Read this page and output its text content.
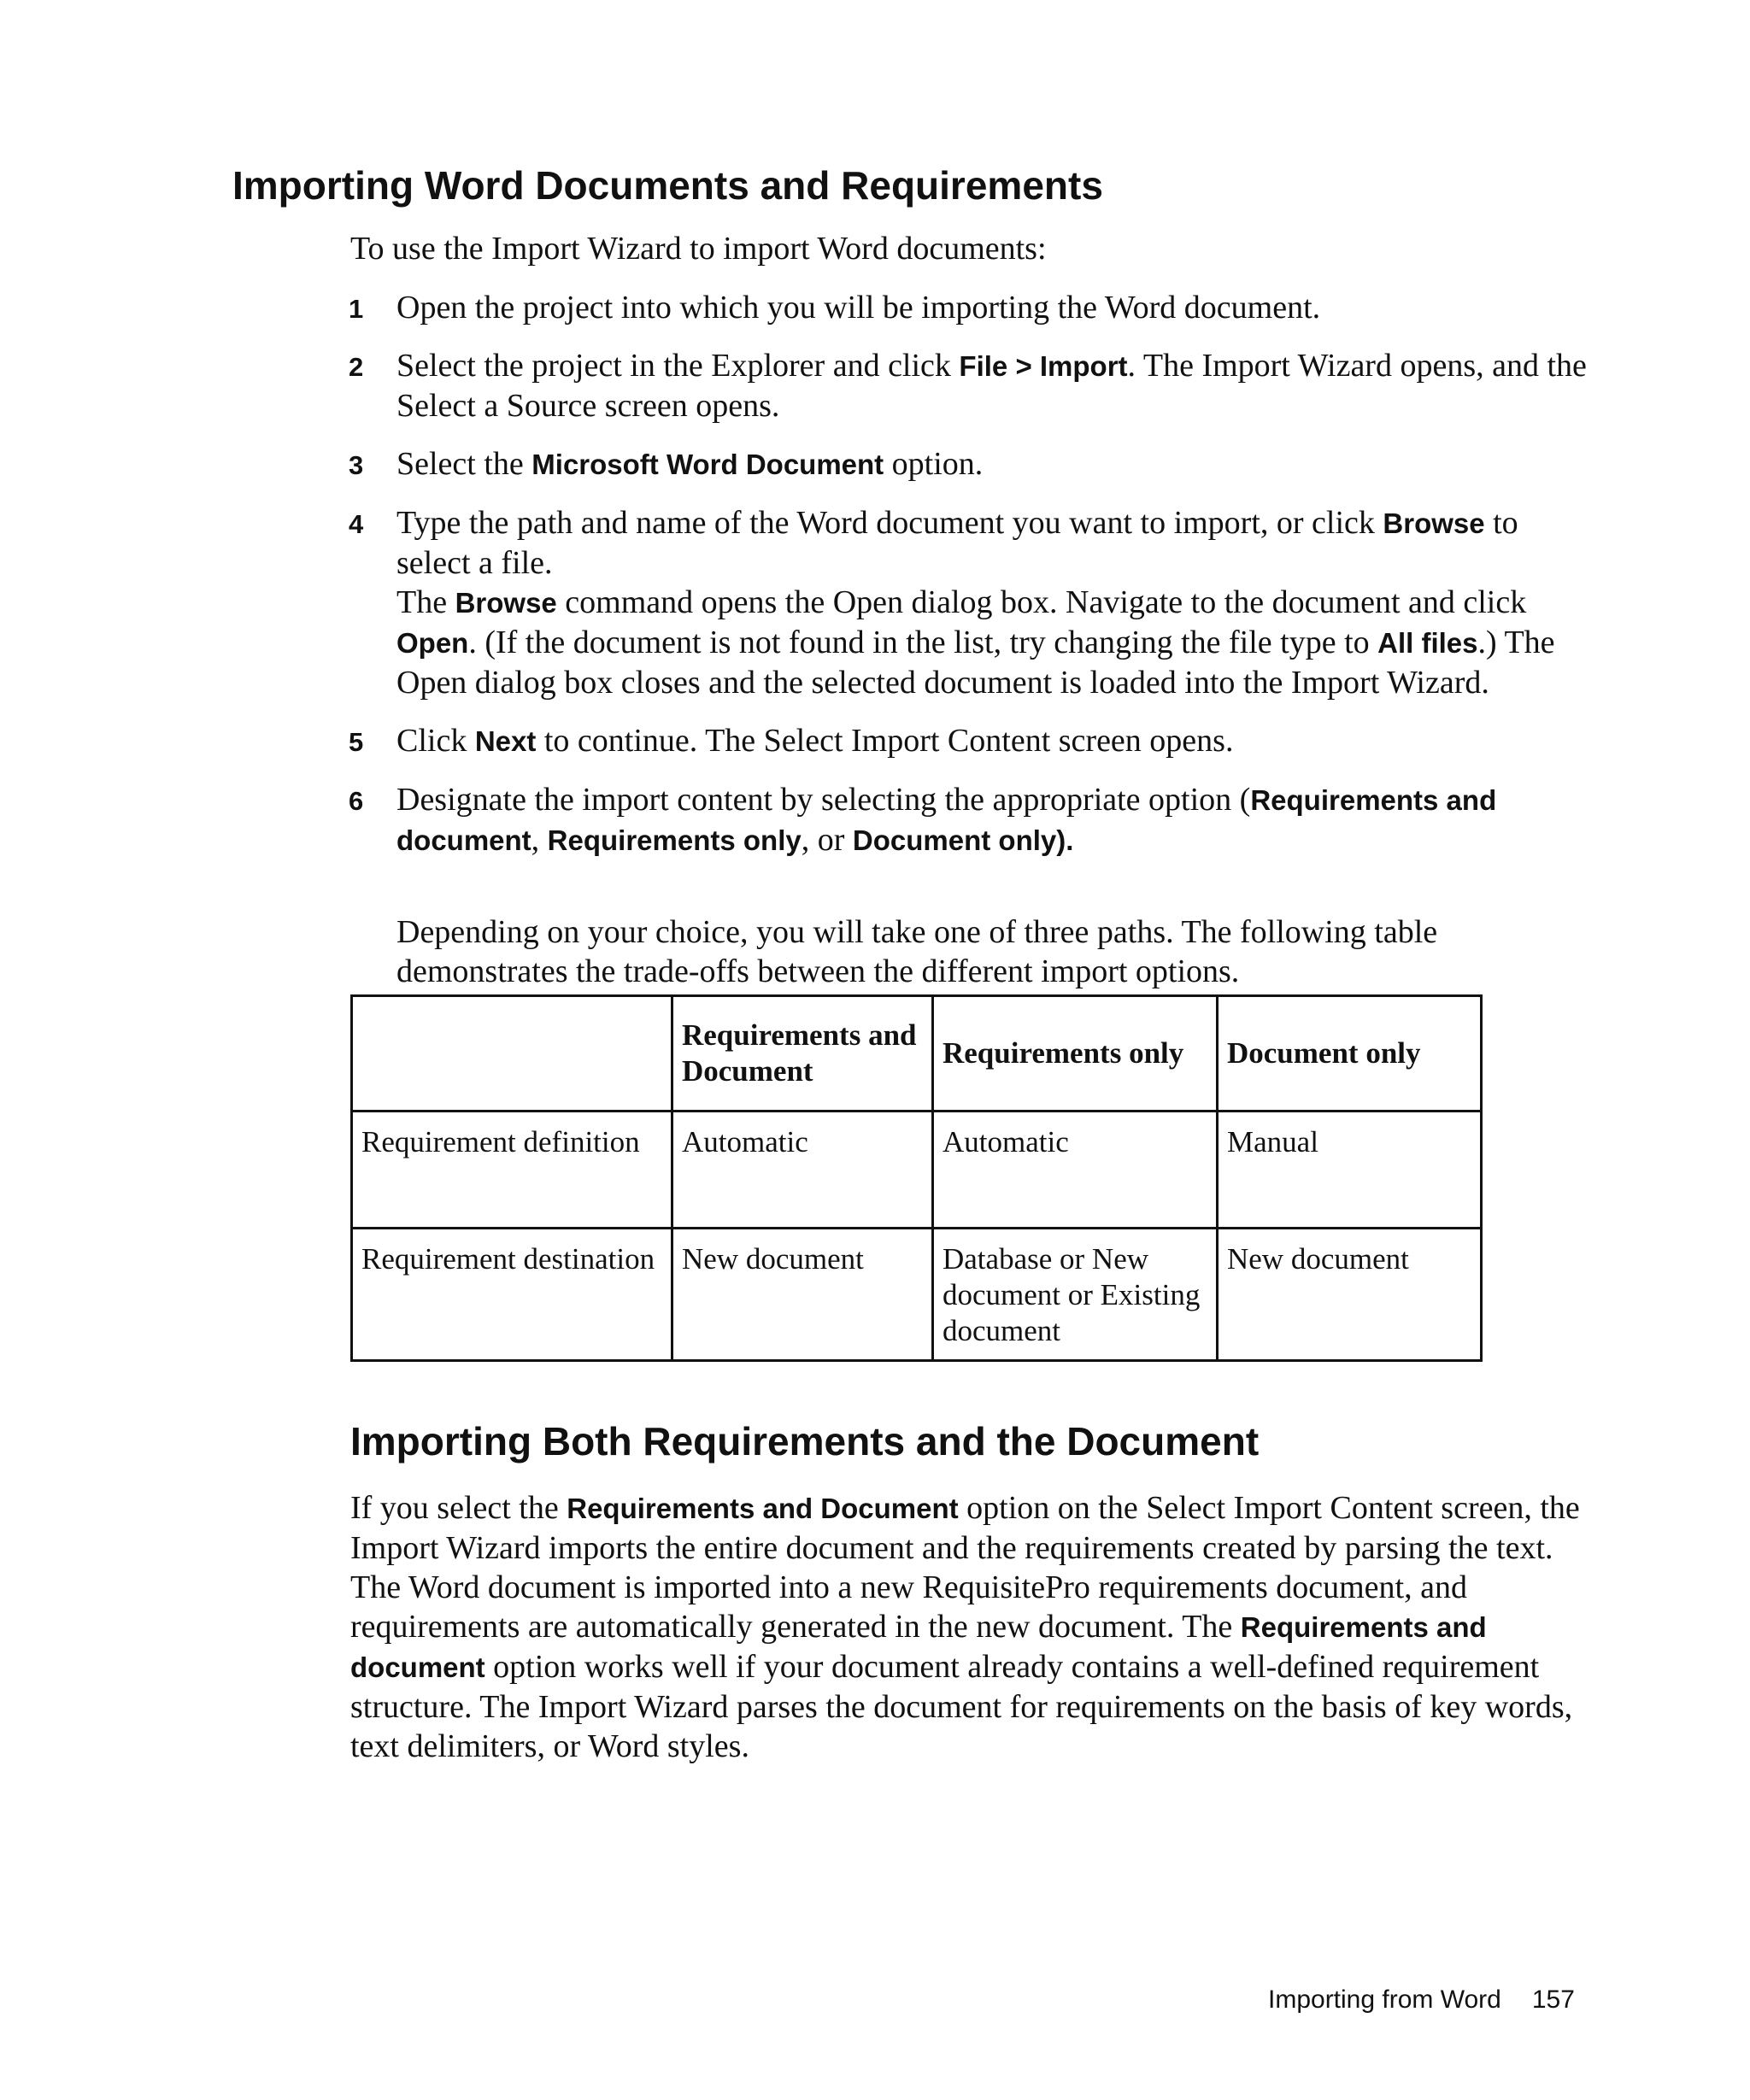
Importing Word Documents and Requirements
To use the Import Wizard to import Word documents:
1 Open the project into which you will be importing the Word document.
2 Select the project in the Explorer and click File > Import. The Import Wizard opens, and the Select a Source screen opens.
3 Select the Microsoft Word Document option.
4 Type the path and name of the Word document you want to import, or click Browse to select a file.
The Browse command opens the Open dialog box. Navigate to the document and click Open. (If the document is not found in the list, try changing the file type to All files.) The Open dialog box closes and the selected document is loaded into the Import Wizard.
5 Click Next to continue. The Select Import Content screen opens.
6 Designate the import content by selecting the appropriate option (Requirements and document, Requirements only, or Document only).
Depending on your choice, you will take one of three paths. The following table demonstrates the trade-offs between the different import options.
	Requirements and Document	Requirements only	Document only
Requirement definition	Automatic	Automatic	Manual
Requirement destination	New document	Database or New document or Existing document	New document
Importing Both Requirements and the Document
If you select the Requirements and Document option on the Select Import Content screen, the Import Wizard imports the entire document and the requirements created by parsing the text. The Word document is imported into a new RequisitePro requirements document, and requirements are automatically generated in the new document. The Requirements and document option works well if your document already contains a well-defined requirement structure. The Import Wizard parses the document for requirements on the basis of key words, text delimiters, or Word styles.
Importing from Word 157
